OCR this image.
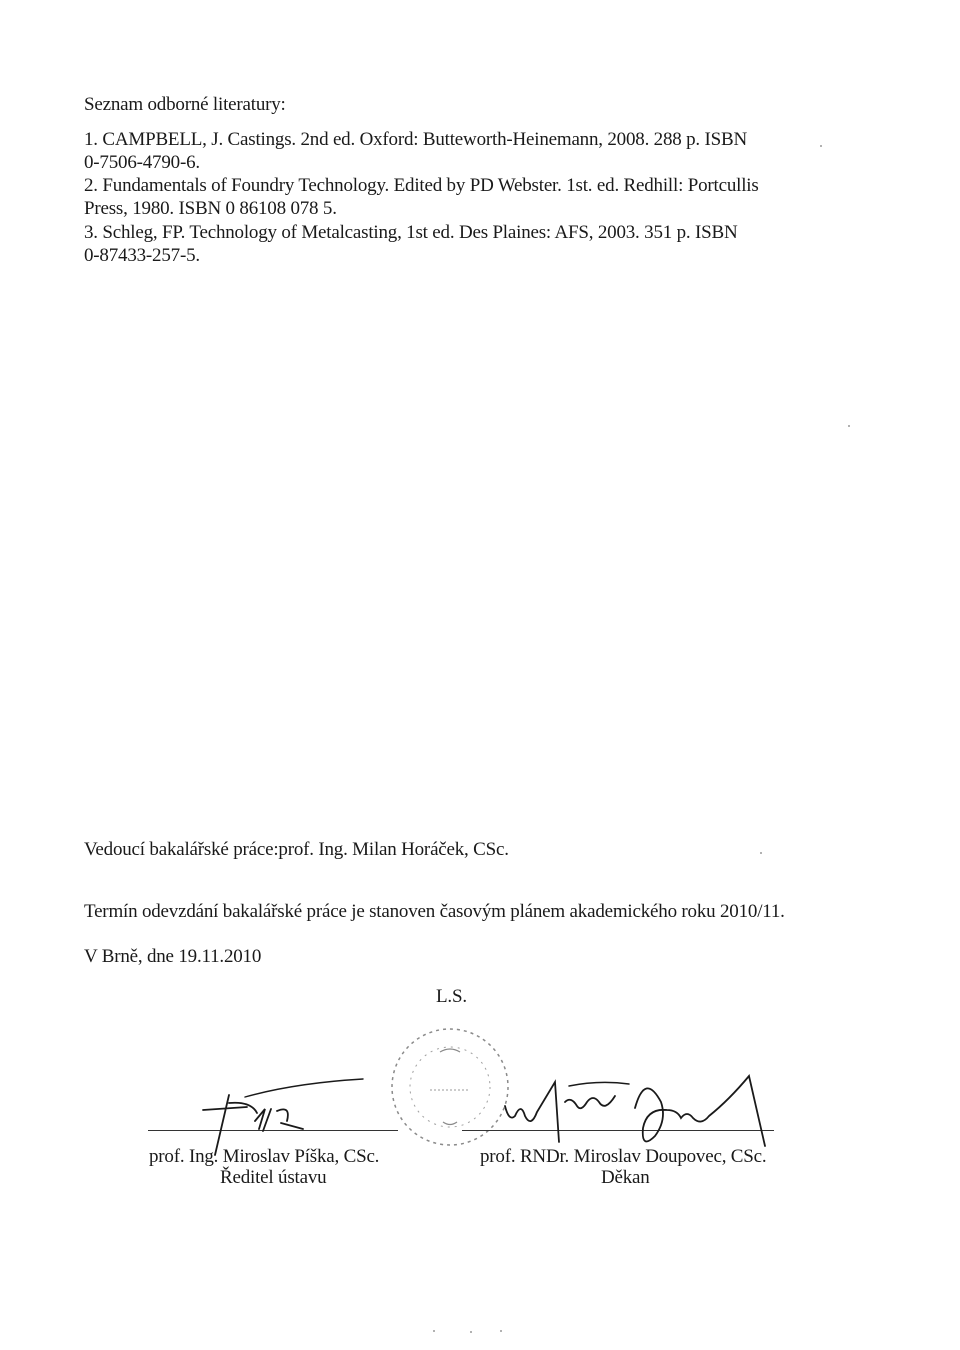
Seznam odborné literatury:
1. CAMPBELL, J. Castings. 2nd ed. Oxford: Butteworth-Heinemann, 2008. 288 p. ISBN
0-7506-4790-6.
2. Fundamentals of Foundry Technology. Edited by PD Webster. 1st. ed. Redhill: Portcullis
Press, 1980. ISBN 0 86108 078 5.
3. Schleg, FP. Technology of Metalcasting, 1st ed. Des Plaines: AFS, 2003. 351 p. ISBN
0-87433-257-5.
Vedoucí bakalářské práce:prof. Ing. Milan Horáček, CSc.
Termín odevzdání bakalářské práce je stanoven časovým plánem akademického roku 2010/11.
V Brně, dne 19.11.2010
L.S.
prof. Ing. Miroslav Píška, CSc.
Ředitel ústavu
prof. RNDr. Miroslav Doupovec, CSc.
Děkan
